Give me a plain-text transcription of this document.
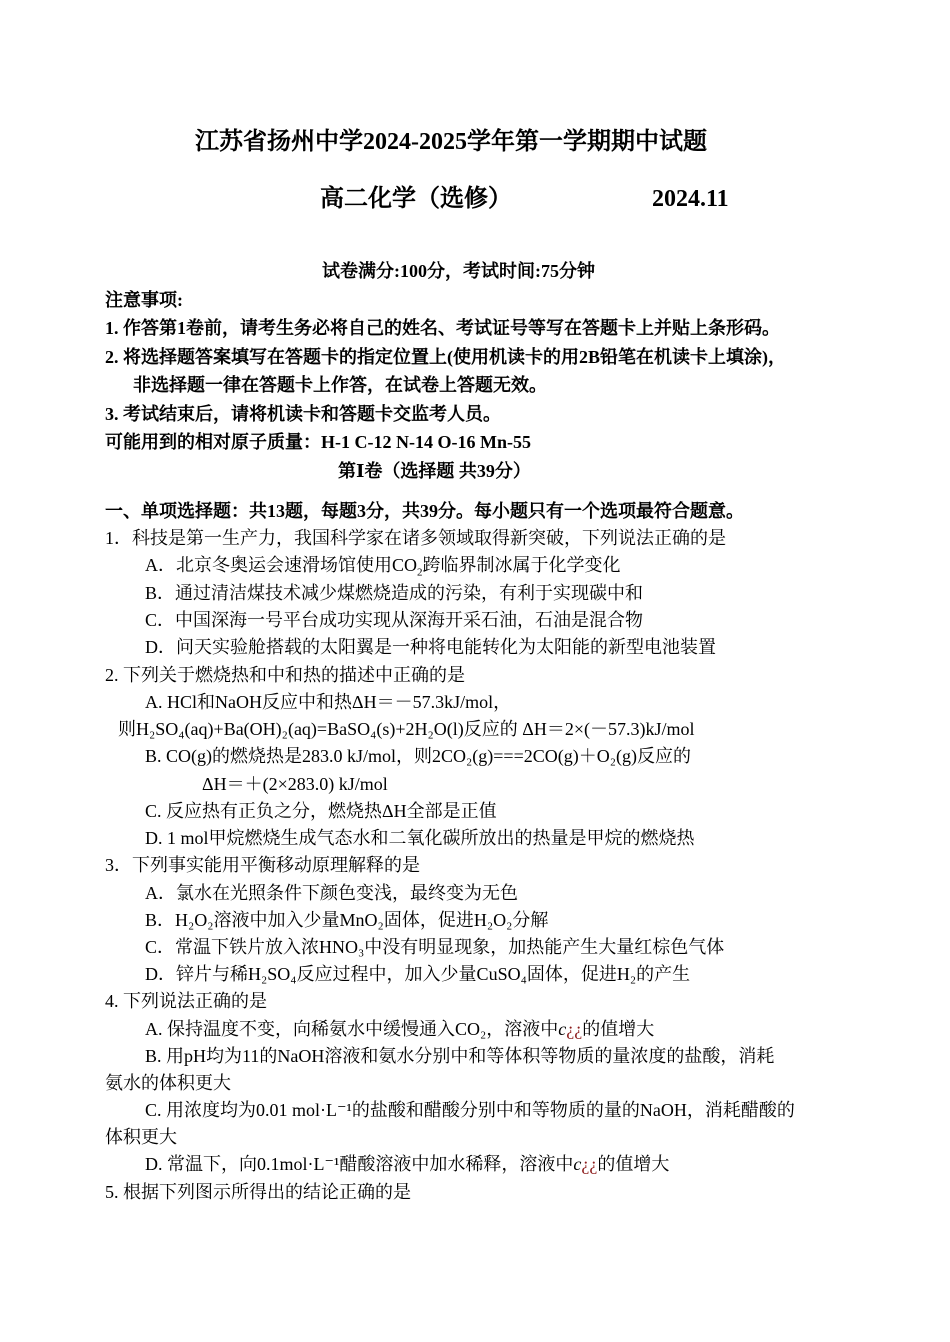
江苏省扬州中学2024-2025学年第一学期期中试题
高二化学（选修）	2024.11
试卷满分:100分，考试时间:75分钟
注意事项:
1. 作答第1卷前，请考生务必将自己的姓名、考试证号等写在答题卡上并贴上条形码。
2. 将选择题答案填写在答题卡的指定位置上(使用机读卡的用2B铅笔在机读卡上填涂)，
非选择题一律在答题卡上作答，在试卷上答题无效。
3. 考试结束后，请将机读卡和答题卡交监考人员。
可能用到的相对原子质量：H-1 C-12 N-14 O-16 Mn-55
第Ⅰ卷（选择题 共39分）
一、单项选择题：共13题，每题3分，共39分。每小题只有一个选项最符合题意。
1．科技是第一生产力，我国科学家在诸多领域取得新突破，下列说法正确的是
A．北京冬奥运会速滑场馆使用$CO_2$跨临界制冰属于化学变化
B．通过清洁煤技术减少煤燃烧造成的污染，有利于实现碳中和
C．中国深海一号平台成功实现从深海开采石油，石油是混合物
D．问天实验舱搭载的太阳翼是一种将电能转化为太阳能的新型电池装置
2. 下列关于燃烧热和中和热的描述中正确的是
A. HCl和NaOH反应中和热ΔH＝－57.3kJ/mol，
则H₂SO₄(aq)+Ba(OH)₂(aq)=BaSO₄(s)+2H₂O(l)反应的 ΔH＝2×(－57.3)kJ/mol
B. CO(g)的燃烧热是283.0 kJ/mol，则2CO₂(g)===2CO(g)＋O₂(g)反应的
ΔH＝＋(2×283.0) kJ/mol
C. 反应热有正负之分，燃烧热ΔH全部是正值
D. 1 mol甲烷燃烧生成气态水和二氧化碳所放出的热量是甲烷的燃烧热
3．下列事实能用平衡移动原理解释的是
A．氯水在光照条件下颜色变浅，最终变为无色
B．H₂O₂溶液中加入少量MnO₂固体，促进H₂O₂分解
C．常温下铁片放入浓HNO₃中没有明显现象，加热能产生大量红棕色气体
D．锌片与稀H₂SO₄反应过程中，加入少量CuSO₄固体，促进H₂的产生
4. 下列说法正确的是
A. 保持温度不变，向稀氨水中缓慢通入CO₂，溶液中c¿¿的值增大
B. 用pH均为11的NaOH溶液和氨水分别中和等体积等物质的量浓度的盐酸，消耗
氨水的体积更大
C. 用浓度均为0.01 mol·L⁻¹的盐酸和醋酸分别中和等物质的量的NaOH，消耗醋酸的
体积更大
D. 常温下，向0.1mol·L⁻¹醋酸溶液中加水稀释，溶液中c¿¿的值增大
5. 根据下列图示所得出的结论正确的是
